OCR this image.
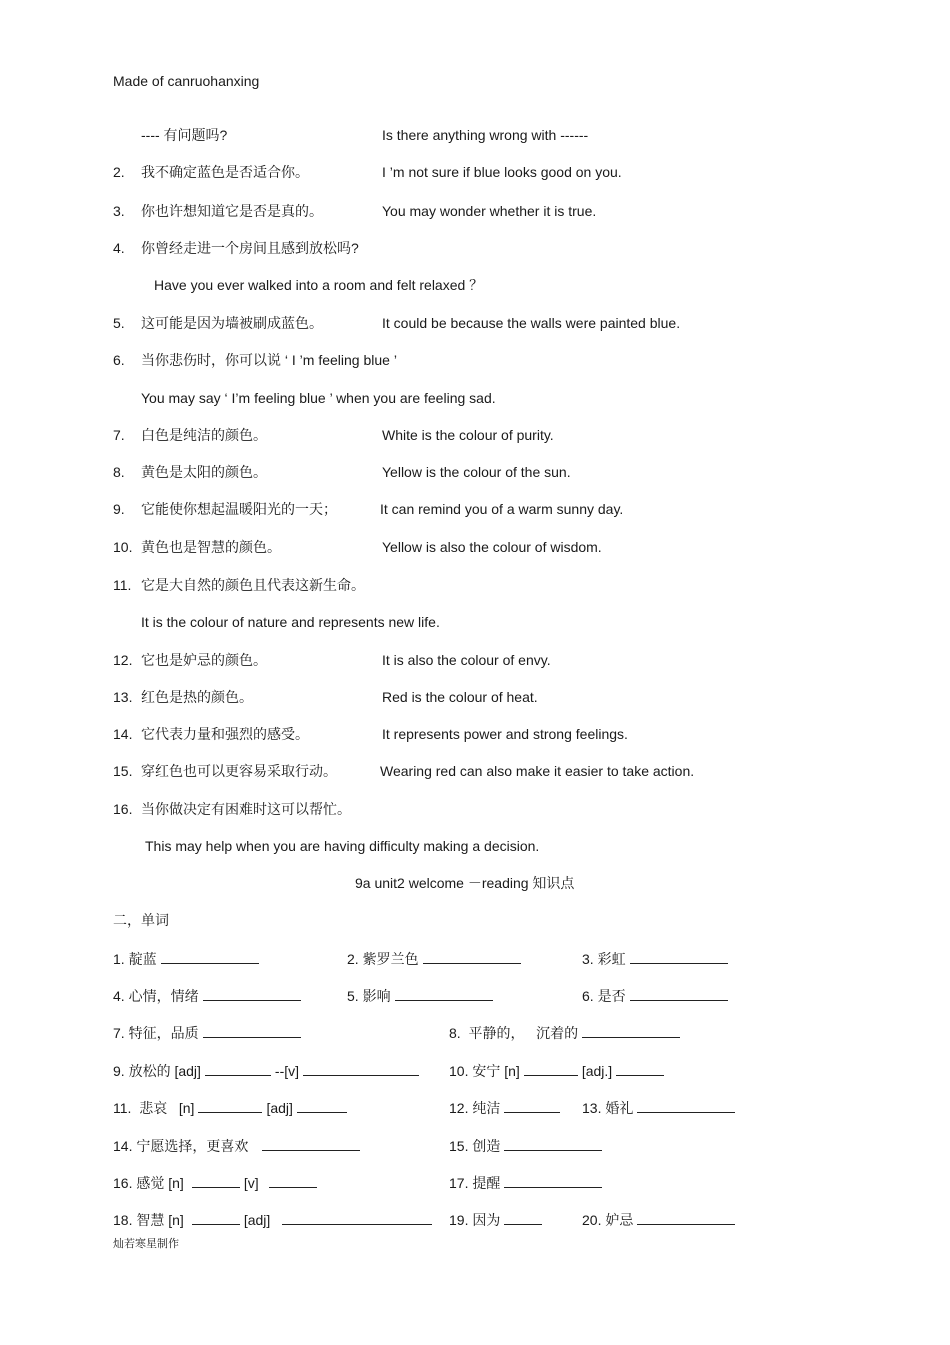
Made of canruohanxing
---- 有问题吗?	Is there anything wrong with ------
2. 我不确定蓝色是否适合你。	I ’m not sure if blue looks good on you.
3. 你也许想知道它是否是真的。	You may wonder whether it is true.
4. 你曾经走进一个房间且感到放松吗?
Have you ever walked into a room and felt relaxed ？
5. 这可能是因为墙被刷成蓝色。	It could be because the walls were painted blue.
6. 当你悲伤时，你可以说 ‘ I ’m feeling blue ’
You may say ‘ I’m feeling blue ’ when you are feeling sad.
7. 白色是纯洁的颜色。	White is the colour of purity.
8. 黄色是太阳的颜色。	Yellow is the colour of the sun.
9. 它能使你想起温暖阳光的一天；	It can remind you of a warm sunny day.
10. 黄色也是智慧的颜色。	Yellow is also the colour of wisdom.
11. 它是大自然的颜色且代表这新生命。
It is the colour of nature and represents new life.
12. 它也是妒忌的颜色。	It is also the colour of envy.
13. 红色是热的颜色。	Red is the colour of heat.
14. 它代表力量和强烈的感受。	It represents power and strong feelings.
15. 穿红色也可以更容易采取行动。	Wearing red can also make it easier to take action.
16. 当你做决定有困难时这可以帮忙。
This may help when you are having difficulty making a decision.
9a unit2 welcome －reading 知识点
二，单词
1. 靛蓝	2. 紫罗兰色	3. 彩虹
4. 心情，情绪	5. 影响	6. 是否
7. 特征，品质	8.  平静的，   沉着的
9. 放松的 [adj]	--[v]	10. 安宁 [n]	[adj.]
11.  悲哀   [n]	[adj]	12. 纯洁	13. 婚礼
14. 宁愿选择，更喜欢	15. 创造
16. 感觉 [n]	[v]	17. 提醒
18. 智慧 [n]	[adj]	19. 因为	20. 妒忌
灿若寒星制作
